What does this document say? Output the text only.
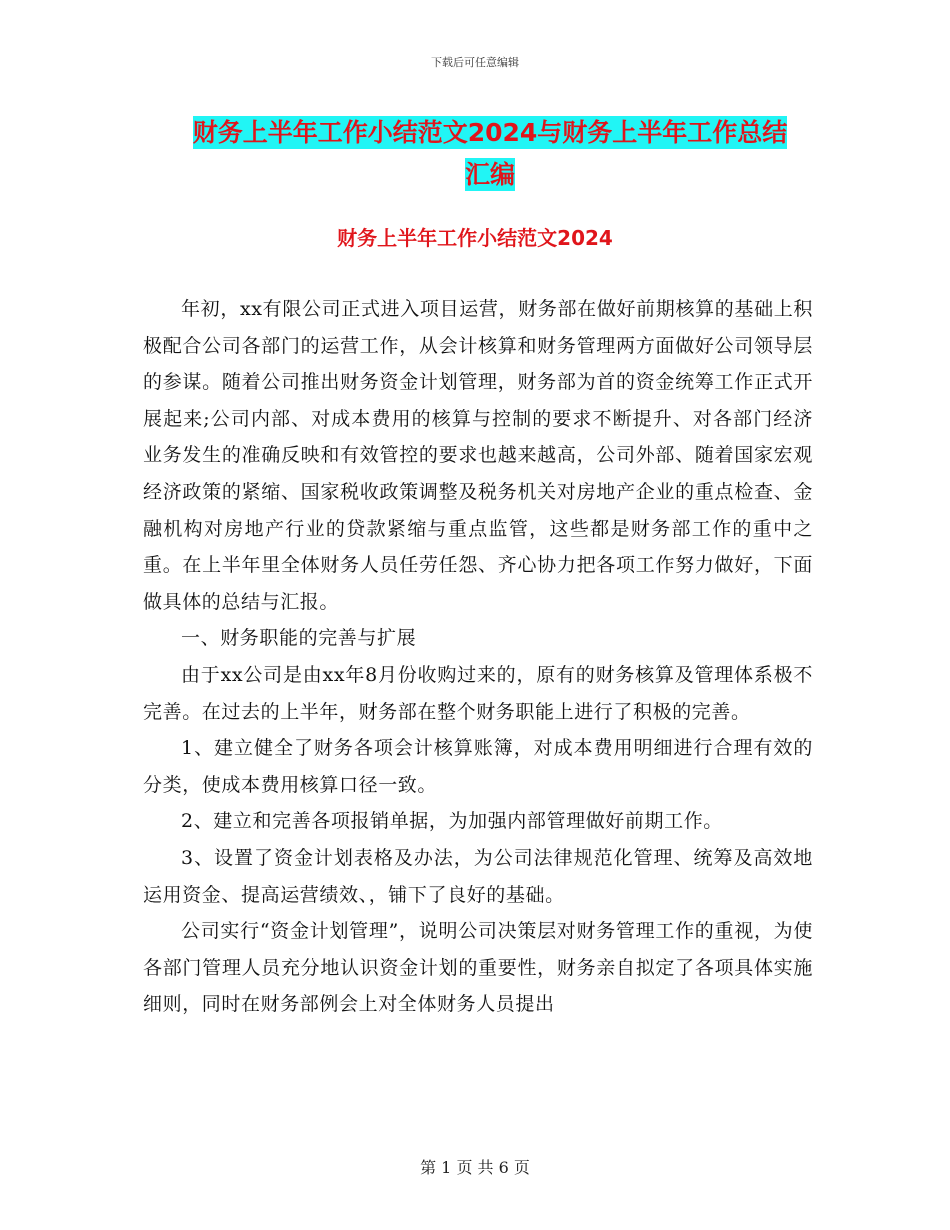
下载后可任意编辑
财务上半年工作小结范文2024与财务上半年工作总结
汇编
财务上半年工作小结范文2024

年初，xx有限公司正式进入项目运营，财务部在做好前期核算的基础上积极配合公司各部门的运营工作，从会计核算和财务管理两方面做好公司领导层的参谋。随着公司推出财务资金计划管理，财务部为首的资金统筹工作正式开展起来;公司内部、对成本费用的核算与控制的要求不断提升、对各部门经济业务发生的准确反映和有效管控的要求也越来越高，公司外部、随着国家宏观经济政策的紧缩、国家税收政策调整及税务机关对房地产企业的重点检查、金融机构对房地产行业的贷款紧缩与重点监管，这些都是财务部工作的重中之重。在上半年里全体财务人员任劳任怨、齐心协力把各项工作努力做好，下面做具体的总结与汇报。

一、财务职能的完善与扩展

由于xx公司是由xx年8月份收购过来的，原有的财务核算及管理体系极不完善。在过去的上半年，财务部在整个财务职能上进行了积极的完善。

1、建立健全了财务各项会计核算账簿，对成本费用明细进行合理有效的分类，使成本费用核算口径一致。

2、建立和完善各项报销单据，为加强内部管理做好前期工作。

3、设置了资金计划表格及办法，为公司法律规范化管理、统筹及高效地运用资金、提高运营绩效、，铺下了良好的基础。

公司实行“资金计划管理”，说明公司决策层对财务管理工作的重视，为使各部门管理人员充分地认识资金计划的重要性，财务亲自拟定了各项具体实施细则，同时在财务部例会上对全体财务人员提出

第 1 页 共 6 页
